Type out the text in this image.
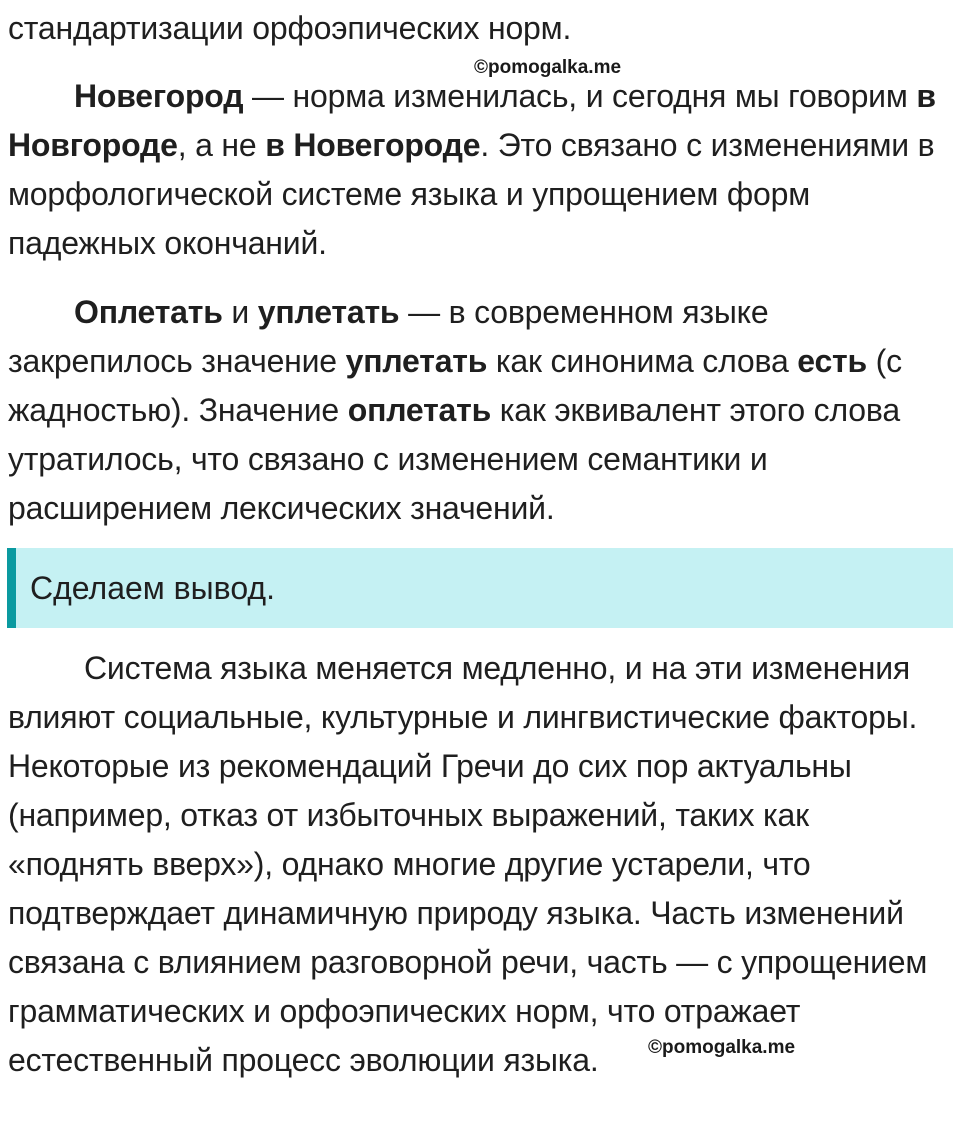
стандартизации орфоэпических норм.

©pomogalka.me

Новегород — норма изменилась, и сегодня мы говорим в Новгороде, а не в Новегороде. Это связано с изменениями в морфологической системе языка и упрощением форм падежных окончаний.

Оплетать и уплетать — в современном языке закрепилось значение уплетать как синонима слова есть (с жадностью). Значение оплетать как эквивалент этого слова утратилось, что связано с изменением семантики и расширением лексических значений.

Сделаем вывод.

Система языка меняется медленно, и на эти изменения влияют социальные, культурные и лингвистические факторы. Некоторые из рекомендаций Гречи до сих пор актуальны (например, отказ от избыточных выражений, таких как «поднять вверх»), однако многие другие устарели, что подтверждает динамичную природу языка. Часть изменений связана с влиянием разговорной речи, часть — с упрощением грамматических и орфоэпических норм, что отражает естественный процесс эволюции языка.	©pomogalka.me
